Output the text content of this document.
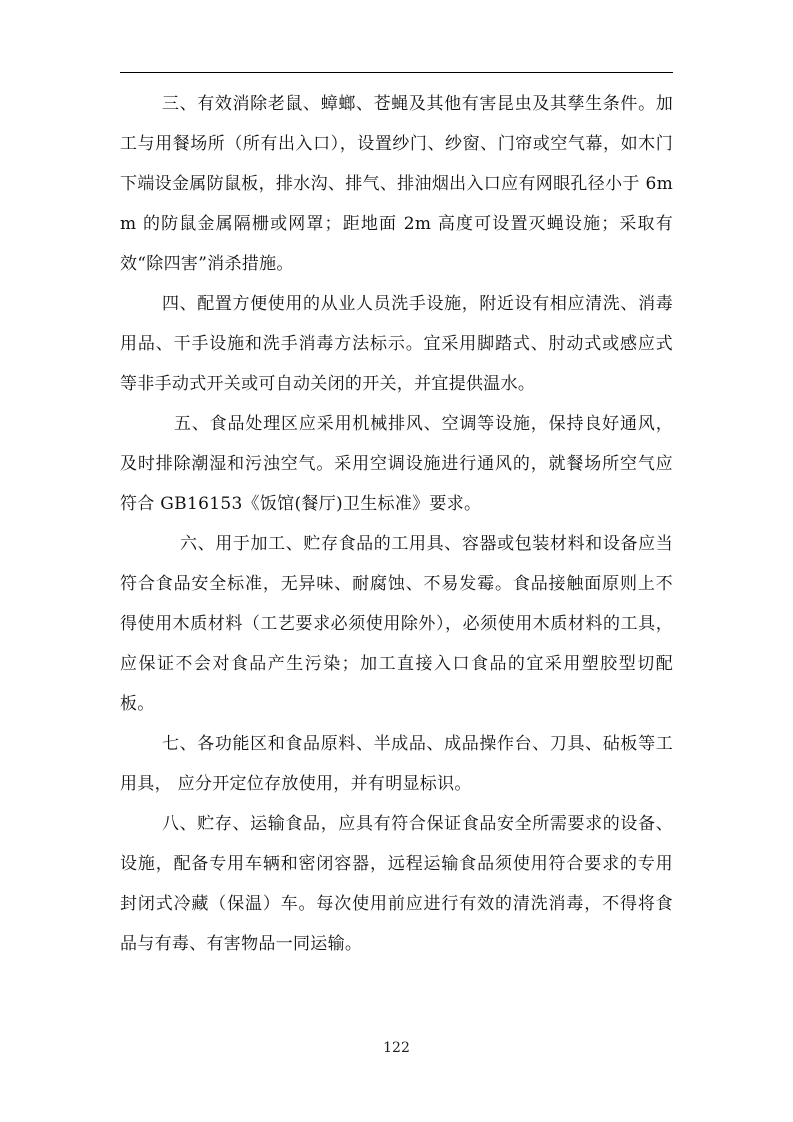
三、有效消除老鼠、蟑螂、苍蝇及其他有害昆虫及其孳生条件。加工与用餐场所（所有出入口），设置纱门、纱窗、门帘或空气幕，如木门下端设金属防鼠板，排水沟、排气、排油烟出入口应有网眼孔径小于 6mm 的防鼠金属隔栅或网罩；距地面 2m 高度可设置灭蝇设施；采取有效“除四害”消杀措施。

四、配置方便使用的从业人员洗手设施，附近设有相应清洗、消毒用品、干手设施和洗手消毒方法标示。宜采用脚踏式、肘动式或感应式等非手动式开关或可自动关闭的开关，并宜提供温水。

五、食品处理区应采用机械排风、空调等设施，保持良好通风，及时排除潮湿和污浊空气。采用空调设施进行通风的，就餐场所空气应符合 GB16153《饭馆(餐厅)卫生标准》要求。

六、用于加工、贮存食品的工用具、容器或包装材料和设备应当符合食品安全标准，无异味、耐腐蚀、不易发霉。食品接触面原则上不得使用木质材料（工艺要求必须使用除外），必须使用木质材料的工具，应保证不会对食品产生污染；加工直接入口食品的宜采用塑胶型切配板。

七、各功能区和食品原料、半成品、成品操作台、刀具、砧板等工用具， 应分开定位存放使用，并有明显标识。

八、贮存、运输食品，应具有符合保证食品安全所需要求的设备、设施，配备专用车辆和密闭容器，远程运输食品须使用符合要求的专用封闭式冷藏（保温）车。每次使用前应进行有效的清洗消毒，不得将食品与有毒、有害物品一同运输。

122
